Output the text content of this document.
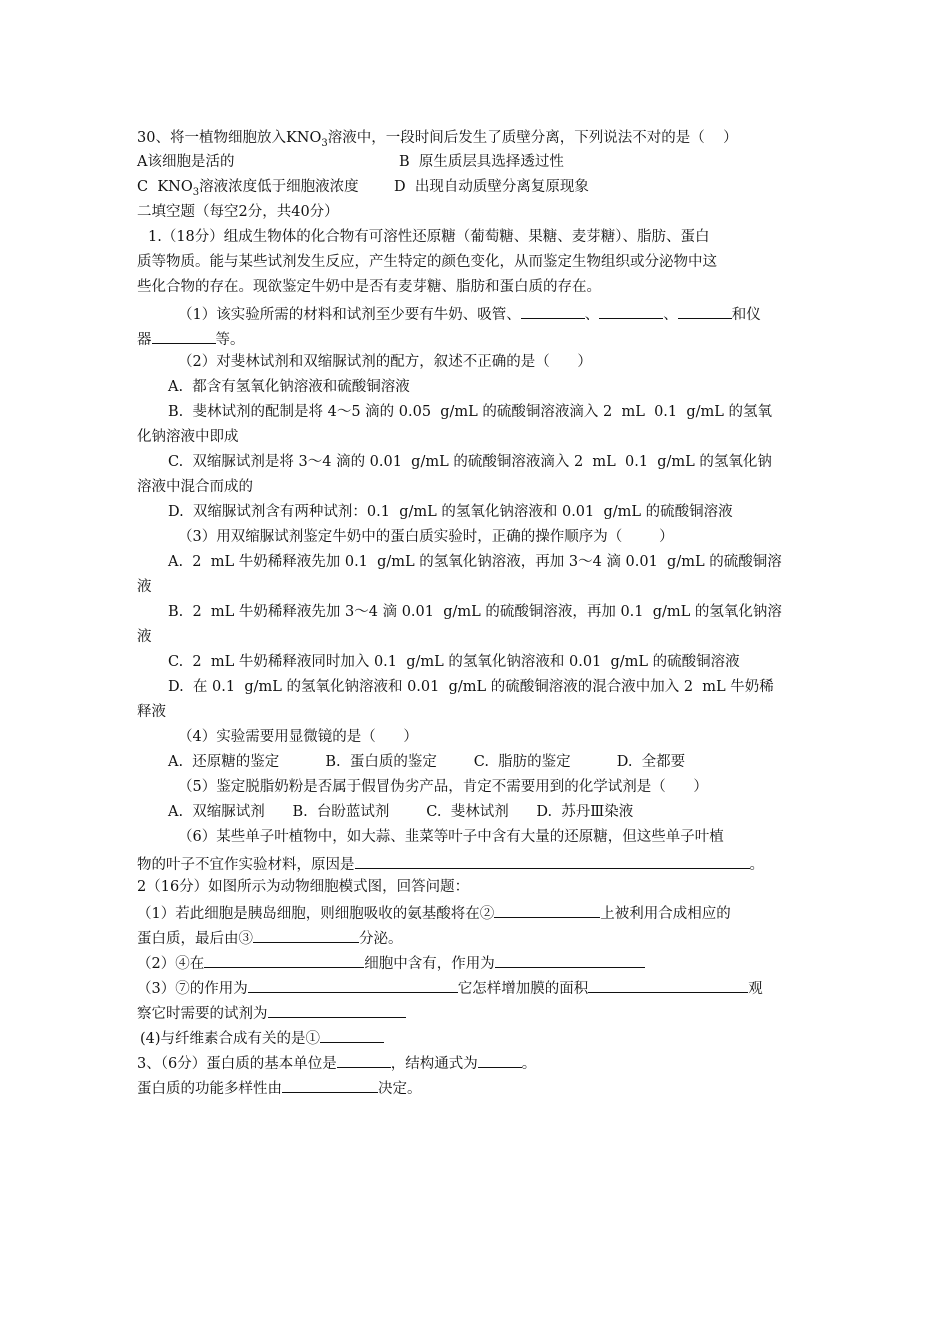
30、将一植物细胞放入$KNO_3$溶液中，一段时间后发生了质壁分离，下列说法不对的是（    ）
A该细胞是活的	B  原生质层具选择透过性
C  $KNO_3$溶液浓度低于细胞液浓度 D  出现自动质壁分离复原现象
二填空题（每空2分，共40分）
1.（18分）组成生物体的化合物有可溶性还原糖（葡萄糖、果糖、麦芽糖）、脂肪、蛋白
质等物质。能与某些试剂发生反应，产生特定的颜色变化，从而鉴定生物组织或分泌物中这
些化合物的存在。现欲鉴定牛奶中是否有麦芽糖、脂肪和蛋白质的存在。
（1）该实验所需的材料和试剂至少要有牛奶、吸管、	、	、	和仪
器	等。
（2）对斐林试剂和双缩脲试剂的配方，叙述不正确的是（      ）
A.  都含有氢氧化钠溶液和硫酸铜溶液
B.  斐林试剂的配制是将 4～5 滴的 0.05  g/mL 的硫酸铜溶液滴入 2  mL  0.1  g/mL 的氢氧
化钠溶液中即成
C.  双缩脲试剂是将 3～4 滴的 0.01  g/mL 的硫酸铜溶液滴入 2  mL  0.1  g/mL 的氢氧化钠
溶液中混合而成的
D.  双缩脲试剂含有两种试剂：0.1  g/mL 的氢氧化钠溶液和 0.01  g/mL 的硫酸铜溶液
（3）用双缩脲试剂鉴定牛奶中的蛋白质实验时，正确的操作顺序为（        ）
A.  2  mL 牛奶稀释液先加 0.1  g/mL 的氢氧化钠溶液，再加 3～4 滴 0.01  g/mL 的硫酸铜溶
液
B.  2  mL 牛奶稀释液先加 3～4 滴 0.01  g/mL 的硫酸铜溶液，再加 0.1  g/mL 的氢氧化钠溶
液
C.  2  mL 牛奶稀释液同时加入 0.1  g/mL 的氢氧化钠溶液和 0.01  g/mL 的硫酸铜溶液
D.  在 0.1  g/mL 的氢氧化钠溶液和 0.01  g/mL 的硫酸铜溶液的混合液中加入 2  mL 牛奶稀
释液
（4）实验需要用显微镜的是（      ）
A.  还原糖的鉴定          B.  蛋白质的鉴定        C.  脂肪的鉴定          D.  全都要
（5）鉴定脱脂奶粉是否属于假冒伪劣产品，肯定不需要用到的化学试剂是（      ）
A.  双缩脲试剂      B.  台盼蓝试剂        C.  斐林试剂      D.  苏丹Ⅲ染液
（6）某些单子叶植物中，如大蒜、韭菜等叶子中含有大量的还原糖，但这些单子叶植
物的叶子不宜作实验材料，原因是	。
2（16分）如图所示为动物细胞模式图，回答问题：
（1）若此细胞是胰岛细胞，则细胞吸收的氨基酸将在②	上被利用合成相应的
蛋白质，最后由③	分泌。
（2）④在	细胞中含有，作用为
（3）⑦的作用为	它怎样增加膜的面积	观
察它时需要的试剂为
(4)与纤维素合成有关的是①
3、（6分）蛋白质的基本单位是	，结构通式为	。
蛋白质的功能多样性由	决定。
